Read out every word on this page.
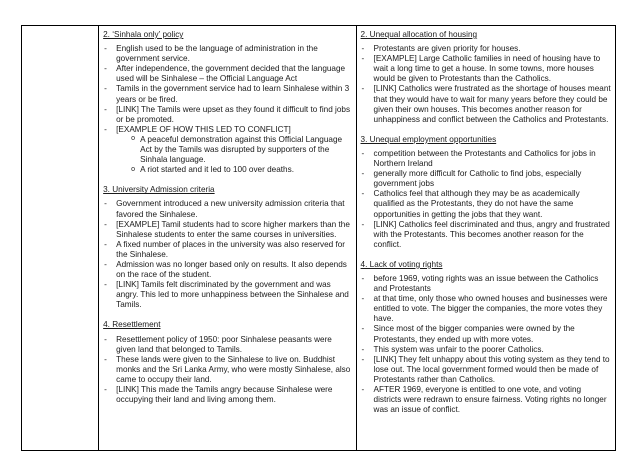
2. ‘Sinhala only’ policy

- English used to be the language of administration in the government service.
- After independence, the government decided that the language used will be Sinhalese – the Official Language Act
- Tamils in the government service had to learn Sinhalese within 3 years or be fired.
- [LINK] The Tamils were upset as they found it difficult to find jobs or be promoted.
- [EXAMPLE OF HOW THIS LED TO CONFLICT]
o A peaceful demonstration against this Official Language Act by the Tamils was disrupted by supporters of the Sinhala language.
o A riot started and it led to 100 over deaths.

3. University Admission criteria

- Government introduced a new university admission criteria that favored the Sinhalese.
- [EXAMPLE] Tamil students had to score higher markers than the Sinhalese students to enter the same courses in universities.
- A fixed number of places in the university was also reserved for the Sinhalese.
- Admission was no longer based only on results. It also depends on the race of the student.
- [LINK] Tamils felt discriminated by the government and was angry. This led to more unhappiness between the Sinhalese and Tamils.

4. Resettlement

- Resettlement policy of 1950: poor Sinhalese peasants were given land that belonged to Tamils.
- These lands were given to the Sinhalese to live on. Buddhist monks and the Sri Lanka Army, who were mostly Sinhalese, also came to occupy their land.
- [LINK] This made the Tamils angry because Sinhalese were occupying their land and living among them.

2. Unequal allocation of housing

- Protestants are given priority for houses.
- [EXAMPLE] Large Catholic families in need of housing have to wait a long time to get a house. In some towns, more houses would be given to Protestants than the Catholics.
- [LINK] Catholics were frustrated as the shortage of houses meant that they would have to wait for many years before they could be given their own houses. This becomes another reason for unhappiness and conflict between the Catholics and Protestants.

3. Unequal employment opportunities

- competition between the Protestants and Catholics for jobs in Northern Ireland
- generally more difficult for Catholic to find jobs, especially government jobs
- Catholics feel that although they may be as academically qualified as the Protestants, they do not have the same opportunities in getting the jobs that they want.
- [LINK] Catholics feel discriminated and thus, angry and frustrated with the Protestants. This becomes another reason for the conflict.

4. Lack of voting rights

- before 1969, voting rights was an issue between the Catholics and Protestants
- at that time, only those who owned houses and businesses were entitled to vote. The bigger the companies, the more votes they have.
- Since most of the bigger companies were owned by the Protestants, they ended up with more votes.
- This system was unfair to the poorer Catholics.
- [LINK] They felt unhappy about this voting system as they tend to lose out. The local government formed would then be made of Protestants rather than Catholics.
- AFTER 1969, everyone is entitled to one vote, and voting districts were redrawn to ensure fairness. Voting rights no longer was an issue of conflict.
